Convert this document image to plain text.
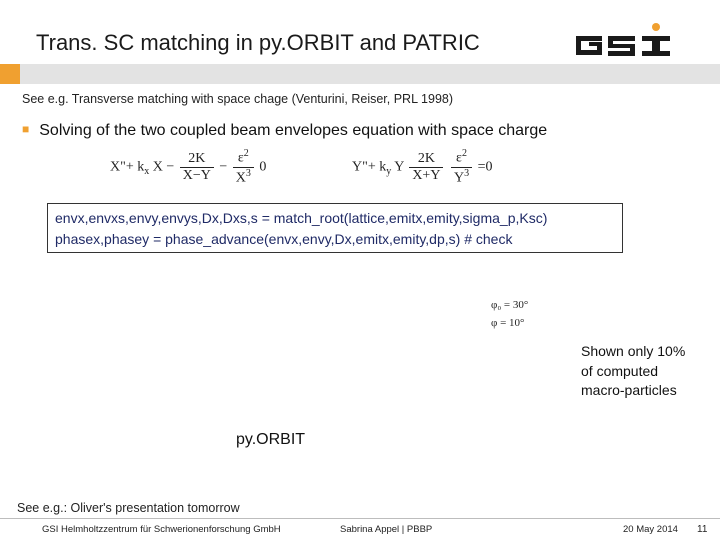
Trans. SC matching in py.ORBIT and PATRIC
See e.g. Transverse matching with space chage (Venturini, Reiser, PRL 1998)
■ Solving of the two coupled beam envelopes equation with space charge
X"+ $k_x$ $X - \frac{2K}{X-Y} - \frac{\varepsilon^2}{X^3} 0$	Y"+ $k_y$ Y $\frac{2K}{X+Y}$
$\frac{\varepsilon^2}{Y^3} =0$
envx,envxs,envy,envys,Dx,Dxs,s = match_root(lattice,emitx,emity,sigma_p,Ksc)
phasex,phasey = phase_advance(envx,envy,Dx,emitx,emity,dp,s) # check
φ₀ = 30°
φ = 10°
Shown only 10%
of computed
macro-particles
py.ORBIT
See e.g.: Oliver's presentation tomorrow
GSI Helmholtzzentrum für Schwerionenforschung GmbH	Sabrina Appel | PBBP	20 May 2014 11
